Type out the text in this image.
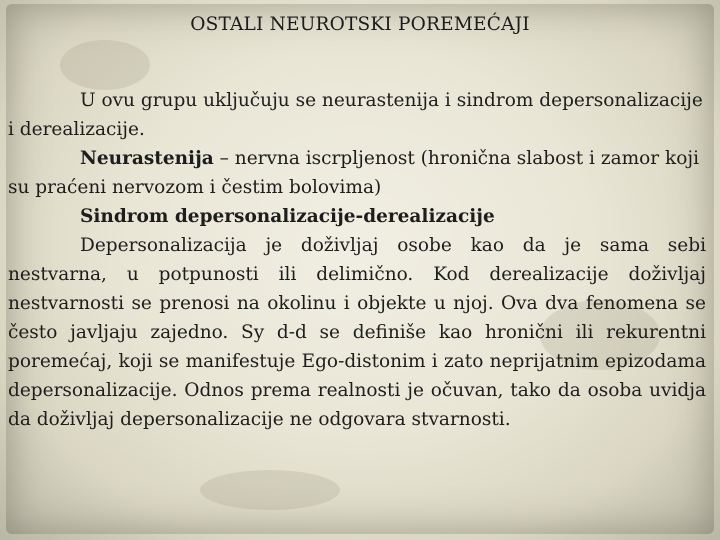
OSTALI NEUROTSKI POREMEĆAJI

U ovu grupu uključuju se neurastenija i sindrom depersonalizacije i derealizacije.

Neurastenija – nervna iscrpljenost (hronična slabost i zamor koji su praćeni nervozom i čestim bolovima)

Sindrom depersonalizacije-derealizacije

Depersonalizacija je doživljaj osobe kao da je sama sebi nestvarna, u potpunosti ili delimično. Kod derealizacije doživljaj nestvarnosti se prenosi na okolinu i objekte u njoj. Ova dva fenomena se često javljaju zajedno. Sy d-d se definiše kao hronični ili rekurentni poremećaj, koji se manifestuje Ego-distonim i zato neprijatnim epizodama depersonalizacije. Odnos prema realnosti je očuvan, tako da osoba uvidja da doživljaj depersonalizacije ne odgovara stvarnosti.
